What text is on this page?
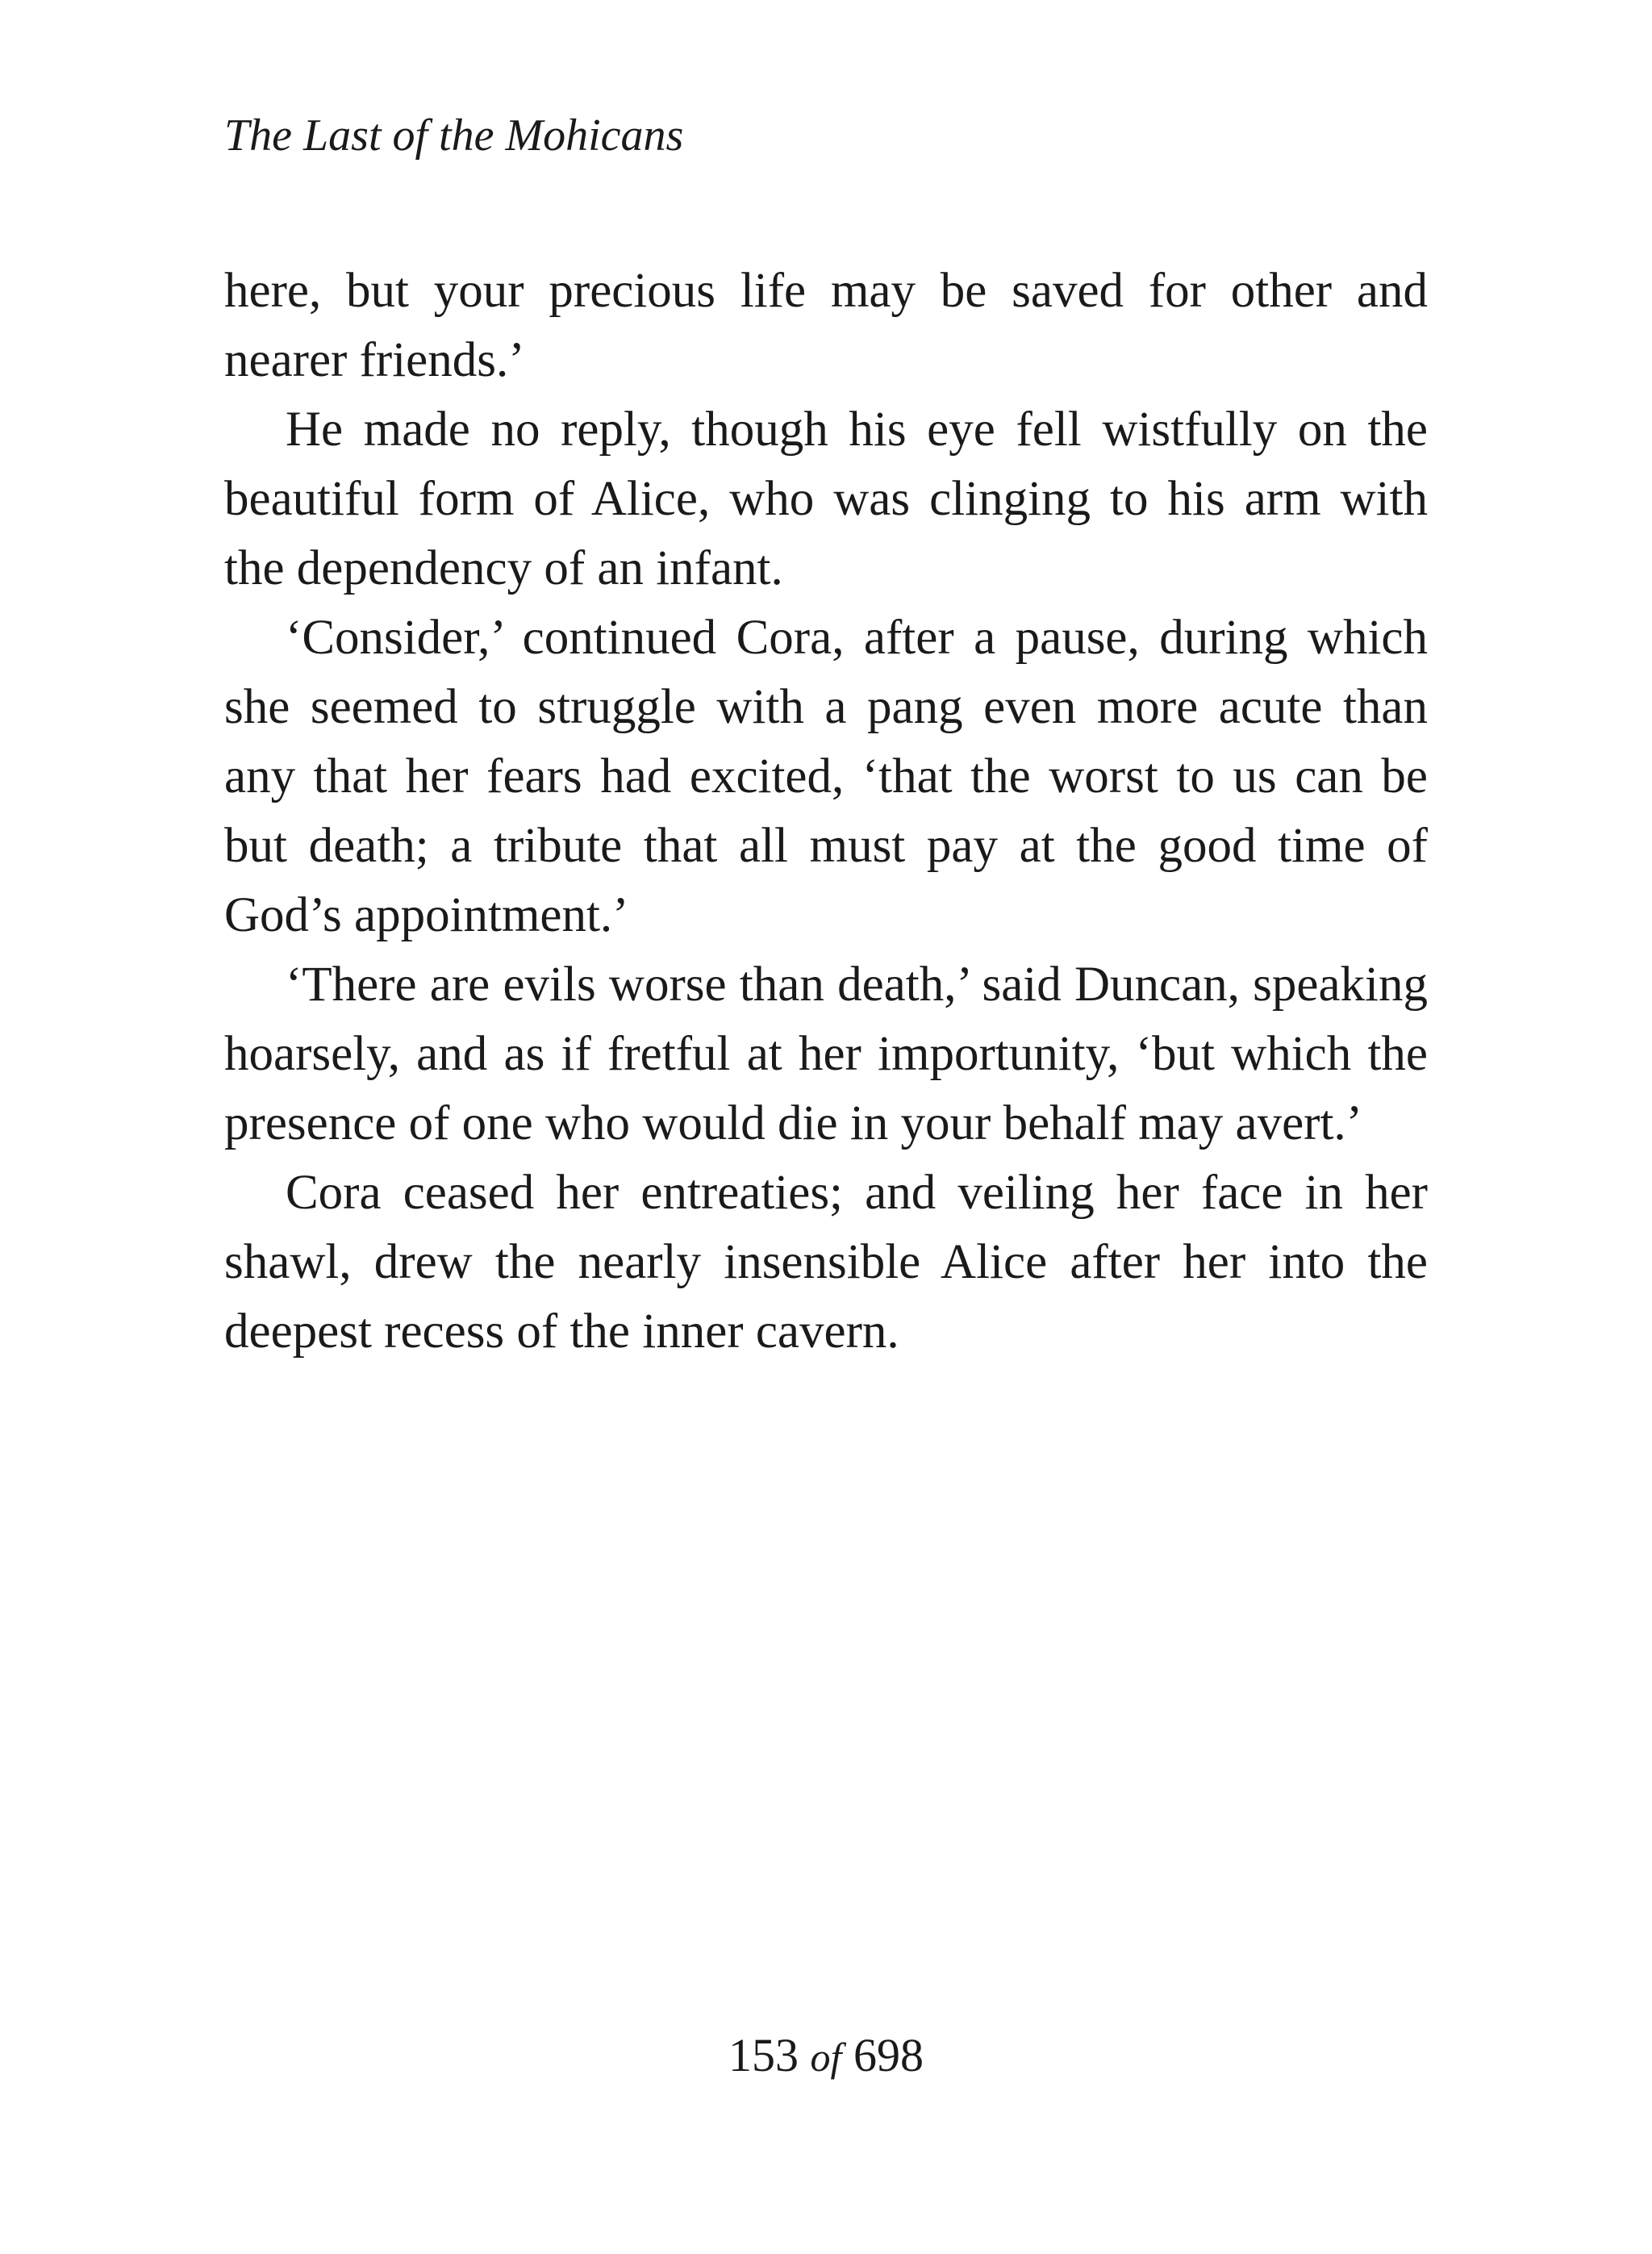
The Last of the Mohicans

here, but your precious life may be saved for other and nearer friends.’

He made no reply, though his eye fell wistfully on the beautiful form of Alice, who was clinging to his arm with the dependency of an infant.

‘Consider,’ continued Cora, after a pause, during which she seemed to struggle with a pang even more acute than any that her fears had excited, ‘that the worst to us can be but death; a tribute that all must pay at the good time of God’s appointment.’

‘There are evils worse than death,’ said Duncan, speaking hoarsely, and as if fretful at her importunity, ‘but which the presence of one who would die in your behalf may avert.’

Cora ceased her entreaties; and veiling her face in her shawl, drew the nearly insensible Alice after her into the deepest recess of the inner cavern.

153 of 698
